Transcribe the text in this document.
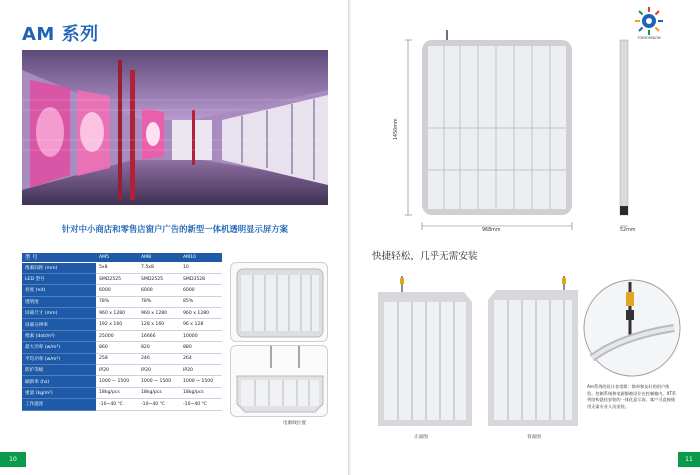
AM 系列
针对中小商店和零售店窗户广告的新型一体机透明显示屏方案
型 号	AM5	AM8	AM10
像素间距 (mm)	5x8	7.5x8	10
LED 型号	SMD2525	SMD2525	SMD3528
亮度 (nit)	6000	6000	6000
透明度	78%	78%	85%
屏幕尺寸 (mm)	960 x 1280	960 x 1280	960 x 1280
屏幕分辨率	192 x 160	128 x 160	96 x 128
像素 (dot/m²)	25000	16666	10000
最大功率 (w/m²)	860	820	880
平均功率 (w/m²)	258	246	264
防护等级	IP20	IP20	IP20
刷新率 (hz)	1000 ~ 1500	1000 ~ 1500	1000 ~ 1500
重量 (kg/m²)	18kg/pcs	18kg/pcs	18kg/pcs
工作温度	-10~40 ℃	-10~40 ℃	-10~40 ℃
电源线位置
10
TOKYOVISION
1450mm
968mm	52mm
快捷轻松，几乎无需安装
正面图	背面图
Am系列的设计非常简：简单和友好的用户体验。控制系统和电源都被设计在控制箱内，XT系列结构悬挂安装的一体化显示屏，客户可直接使用无需专业人员安装。
11
